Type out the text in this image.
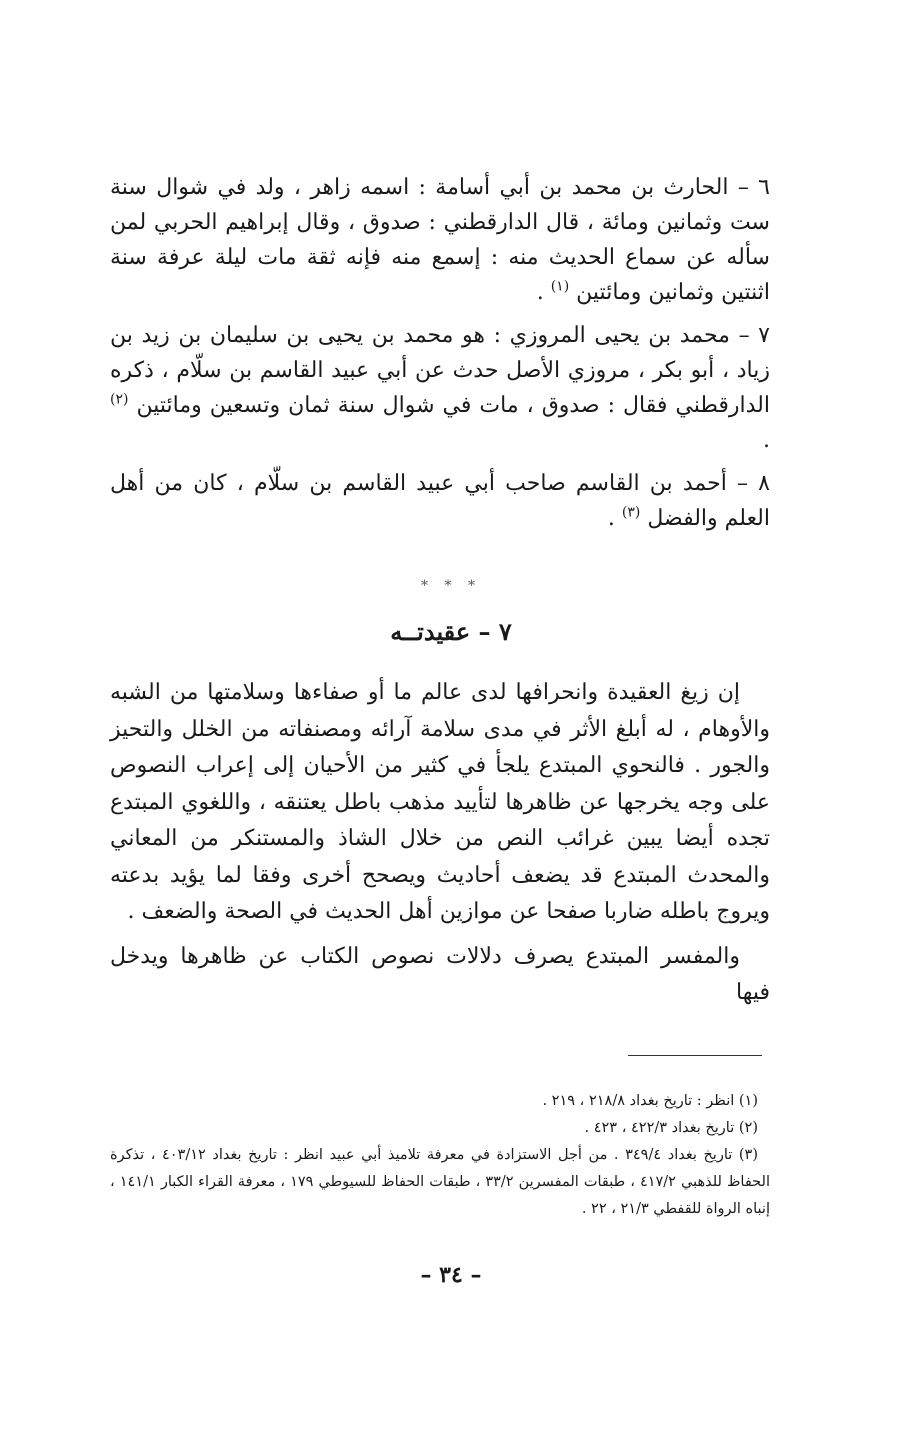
٦ – الحارث بن محمد بن أبي أسامة : اسمه زاهر ، ولد في شوال سنة ست وثمانين ومائة ، قال الدارقطني : صدوق ، وقال إبراهيم الحربي لمن سأله عن سماع الحديث منه : إسمع منه فإنه ثقة مات ليلة عرفة سنة اثنتين وثمانين ومائتين $^{(١)}$ .

٧ – محمد بن يحيى المروزي : هو محمد بن يحيى بن سليمان بن زيد بن زياد ، أبو بكر ، مروزي الأصل حدث عن أبي عبيد القاسم بن سلّام ، ذكره الدارقطني فقال : صدوق ، مات في شوال سنة ثمان وتسعين ومائتين $^{(٢)}$ .

٨ – أحمد بن القاسم صاحب أبي عبيد القاسم بن سلّام ، كان من أهل العلم والفضل $^{(٣)}$ .

* * *
٧ – عقيدتــه

إن زيغ العقيدة وانحرافها لدى عالم ما أو صفاءها وسلامتها من الشبه والأوهام ، له أبلغ الأثر في مدى سلامة آرائه ومصنفاته من الخلل والتحيز والجور . فالنحوي المبتدع يلجأ في كثير من الأحيان إلى إعراب النصوص على وجه يخرجها عن ظاهرها لتأييد مذهب باطل يعتنقه ، واللغوي المبتدع تجده أيضا يبين غرائب النص من خلال الشاذ والمستنكر من المعاني والمحدث المبتدع قد يضعف أحاديث ويصحح أخرى وفقا لما يؤيد بدعته ويروج باطله ضاربا صفحا عن موازين أهل الحديث في الصحة والضعف .

والمفسر المبتدع يصرف دلالات نصوص الكتاب عن ظاهرها ويدخل فيها

(١) انظر : تاريخ بغداد ٢١٨/٨ ، ٢١٩ .

(٢) تاريخ بغداد ٤٢٢/٣ ، ٤٢٣ .

(٣) تاريخ بغداد ٣٤٩/٤ . من أجل الاستزادة في معرفة تلاميذ أبي عبيد انظر : تاريخ بغداد ٤٠٣/١٢ ، تذكرة الحفاظ للذهبي ٤١٧/٢ ، طبقات المفسرين ٣٣/٢ ، طبقات الحفاظ للسيوطي ١٧٩ ، معرفة القراء الكبار ١٤١/١ ، إنباه الرواة للقفطي ٢١/٣ ، ٢٢ .

– ٣٤ –
